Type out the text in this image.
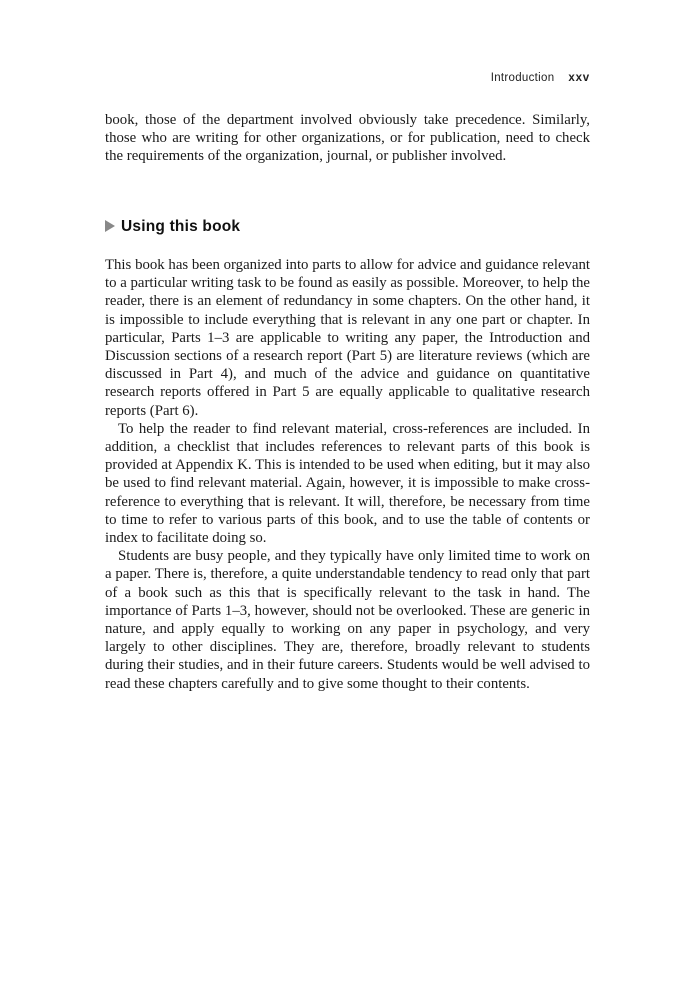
Introduction xxv

book, those of the department involved obviously take precedence. Similarly, those who are writing for other organizations, or for publication, need to check the requirements of the organization, journal, or publisher involved.

Using this book

This book has been organized into parts to allow for advice and guidance relevant to a particular writing task to be found as easily as possible. Moreover, to help the reader, there is an element of redundancy in some chapters. On the other hand, it is impossible to include everything that is relevant in any one part or chapter. In particular, Parts 1–3 are applicable to writing any paper, the Introduction and Discussion sections of a research report (Part 5) are literature reviews (which are discussed in Part 4), and much of the advice and guidance on quantitative research reports offered in Part 5 are equally applicable to qualitative research reports (Part 6).

To help the reader to find relevant material, cross-references are included. In addition, a checklist that includes references to relevant parts of this book is provided at Appendix K. This is intended to be used when editing, but it may also be used to find relevant material. Again, however, it is impossible to make cross-reference to everything that is relevant. It will, therefore, be necessary from time to time to refer to various parts of this book, and to use the table of contents or index to facilitate doing so.

Students are busy people, and they typically have only limited time to work on a paper. There is, therefore, a quite understandable tendency to read only that part of a book such as this that is specifically relevant to the task in hand. The importance of Parts 1–3, however, should not be overlooked. These are generic in nature, and apply equally to working on any paper in psychology, and very largely to other disciplines. They are, therefore, broadly relevant to students during their studies, and in their future careers. Students would be well advised to read these chapters carefully and to give some thought to their contents.
